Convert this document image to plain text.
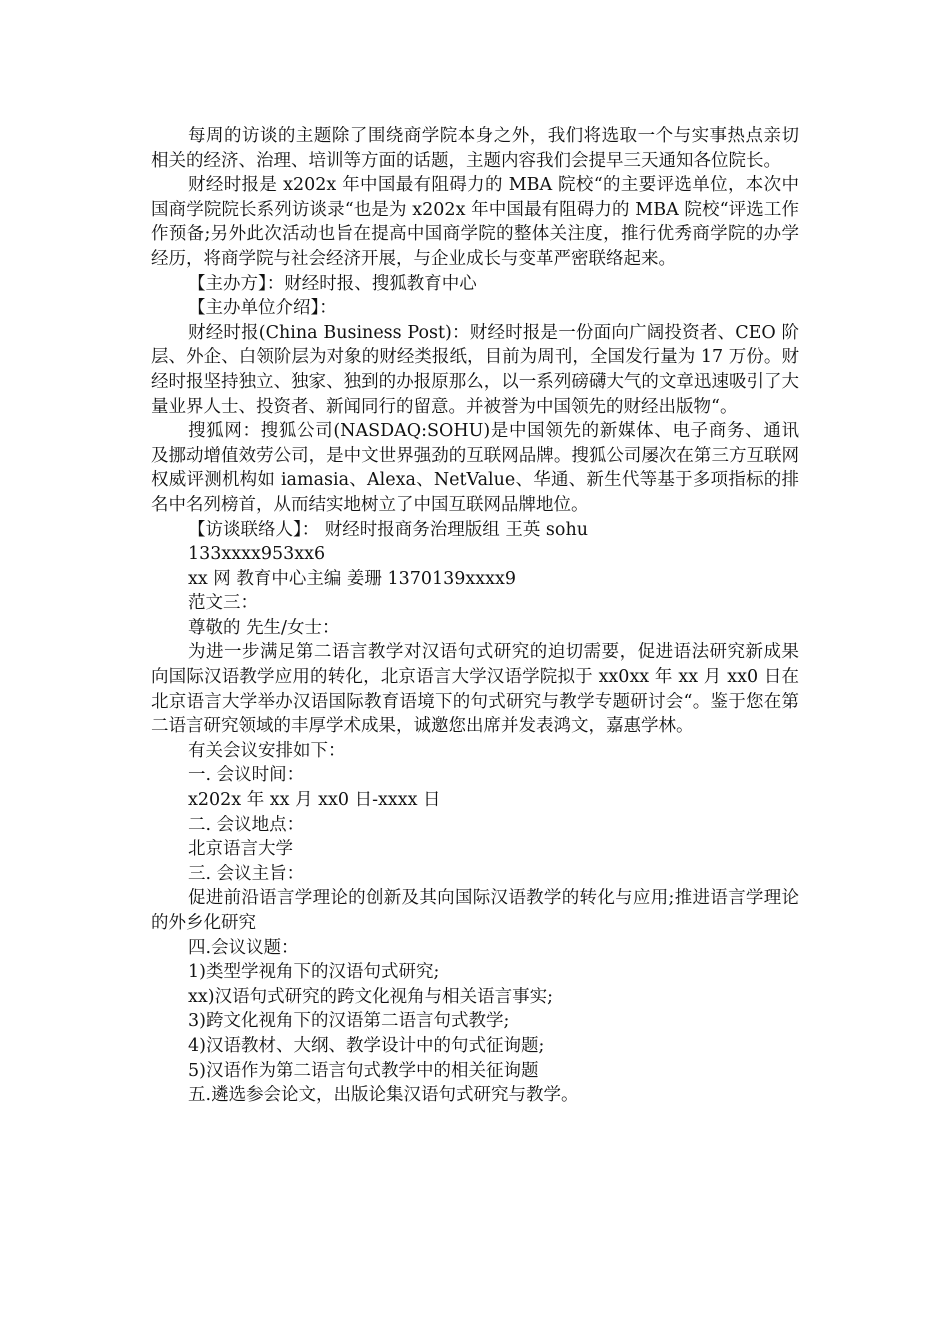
每周的访谈的主题除了围绕商学院本身之外，我们将选取一个与实事热点亲切相关的经济、治理、培训等方面的话题，主题内容我们会提早三天通知各位院长。

财经时报是 x202x 年中国最有阻碍力的 MBA 院校“的主要评选单位，本次中国商学院院长系列访谈录“也是为 x202x 年中国最有阻碍力的 MBA 院校“评选工作作预备;另外此次活动也旨在提高中国商学院的整体关注度，推行优秀商学院的办学经历，将商学院与社会经济开展，与企业成长与变革严密联络起来。

【主办方】：财经时报、搜狐教育中心

【主办单位介绍】：

财经时报(China Business Post)：财经时报是一份面向广阔投资者、CEO 阶层、外企、白领阶层为对象的财经类报纸，目前为周刊，全国发行量为 17 万份。财经时报坚持独立、独家、独到的办报原那么，以一系列磅礴大气的文章迅速吸引了大量业界人士、投资者、新闻同行的留意。并被誉为中国领先的财经出版物“。

搜狐网：搜狐公司(NASDAQ:SOHU)是中国领先的新媒体、电子商务、通讯及挪动增值效劳公司，是中文世界强劲的互联网品牌。搜狐公司屡次在第三方互联网权威评测机构如 iamasia、Alexa、NetValue、华通、新生代等基于多项指标的排名中名列榜首，从而结实地树立了中国互联网品牌地位。

【访谈联络人】： 财经时报商务治理版组 王英 sohu

133xxxx953xx6

xx 网 教育中心主编 姜珊 1370139xxxx9

范文三：

尊敬的 先生/女士：

为进一步满足第二语言教学对汉语句式研究的迫切需要，促进语法研究新成果向国际汉语教学应用的转化，北京语言大学汉语学院拟于 xx0xx 年 xx 月 xx0 日在北京语言大学举办汉语国际教育语境下的句式研究与教学专题研讨会“。鉴于您在第二语言研究领域的丰厚学术成果，诚邀您出席并发表鸿文，嘉惠学林。

有关会议安排如下：

一. 会议时间：

x202x 年 xx 月 xx0 日-xxxx 日

二. 会议地点：

北京语言大学

三. 会议主旨：

促进前沿语言学理论的创新及其向国际汉语教学的转化与应用;推进语言学理论的外乡化研究

四.会议议题：

1)类型学视角下的汉语句式研究;

xx)汉语句式研究的跨文化视角与相关语言事实;

3)跨文化视角下的汉语第二语言句式教学;

4)汉语教材、大纲、教学设计中的句式征询题;

5)汉语作为第二语言句式教学中的相关征询题

五.遴选参会论文，出版论集汉语句式研究与教学。
